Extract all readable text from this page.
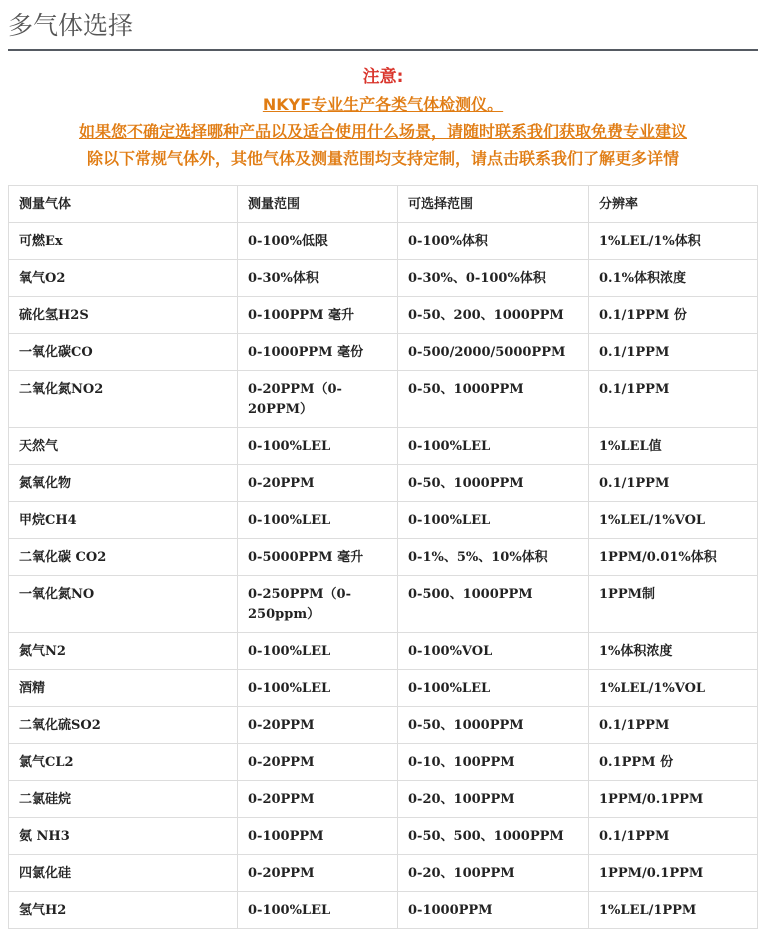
多气体选择
注意:
NKYF专业生产各类气体检测仪。
如果您不确定选择哪种产品以及适合使用什么场景，请随时联系我们获取免费专业建议
除以下常规气体外，其他气体及测量范围均支持定制，请点击联系我们了解更多详情
测量气体	测量范围	可选择范围	分辨率
可燃Ex	0-100%低限	0-100%体积	1%LEL/1%体积
氧气O2	0-30%体积	0-30%、0-100%体积	0.1%体积浓度
硫化氢H2S	0-100PPM 毫升	0-50、200、1000PPM	0.1/1PPM 份
一氧化碳CO	0-1000PPM 毫份	0-500/2000/5000PPM	0.1/1PPM
二氧化氮NO2	0-20PPM（0-20PPM）	0-50、1000PPM	0.1/1PPM
天然气	0-100%LEL	0-100%LEL	1%LEL值
氮氧化物	0-20PPM	0-50、1000PPM	0.1/1PPM
甲烷CH4	0-100%LEL	0-100%LEL	1%LEL/1%VOL
二氧化碳 CO2	0-5000PPM 毫升	0-1%、5%、10%体积	1PPM/0.01%体积
一氧化氮NO	0-250PPM（0-250ppm）	0-500、1000PPM	1PPM制
氮气N2	0-100%LEL	0-100%VOL	1%体积浓度
酒精	0-100%LEL	0-100%LEL	1%LEL/1%VOL
二氧化硫SO2	0-20PPM	0-50、1000PPM	0.1/1PPM
氯气CL2	0-20PPM	0-10、100PPM	0.1PPM 份
二氯硅烷	0-20PPM	0-20、100PPM	1PPM/0.1PPM
氨 NH3	0-100PPM	0-50、500、1000PPM	0.1/1PPM
四氯化硅	0-20PPM	0-20、100PPM	1PPM/0.1PPM
氢气H2	0-100%LEL	0-1000PPM	1%LEL/1PPM
